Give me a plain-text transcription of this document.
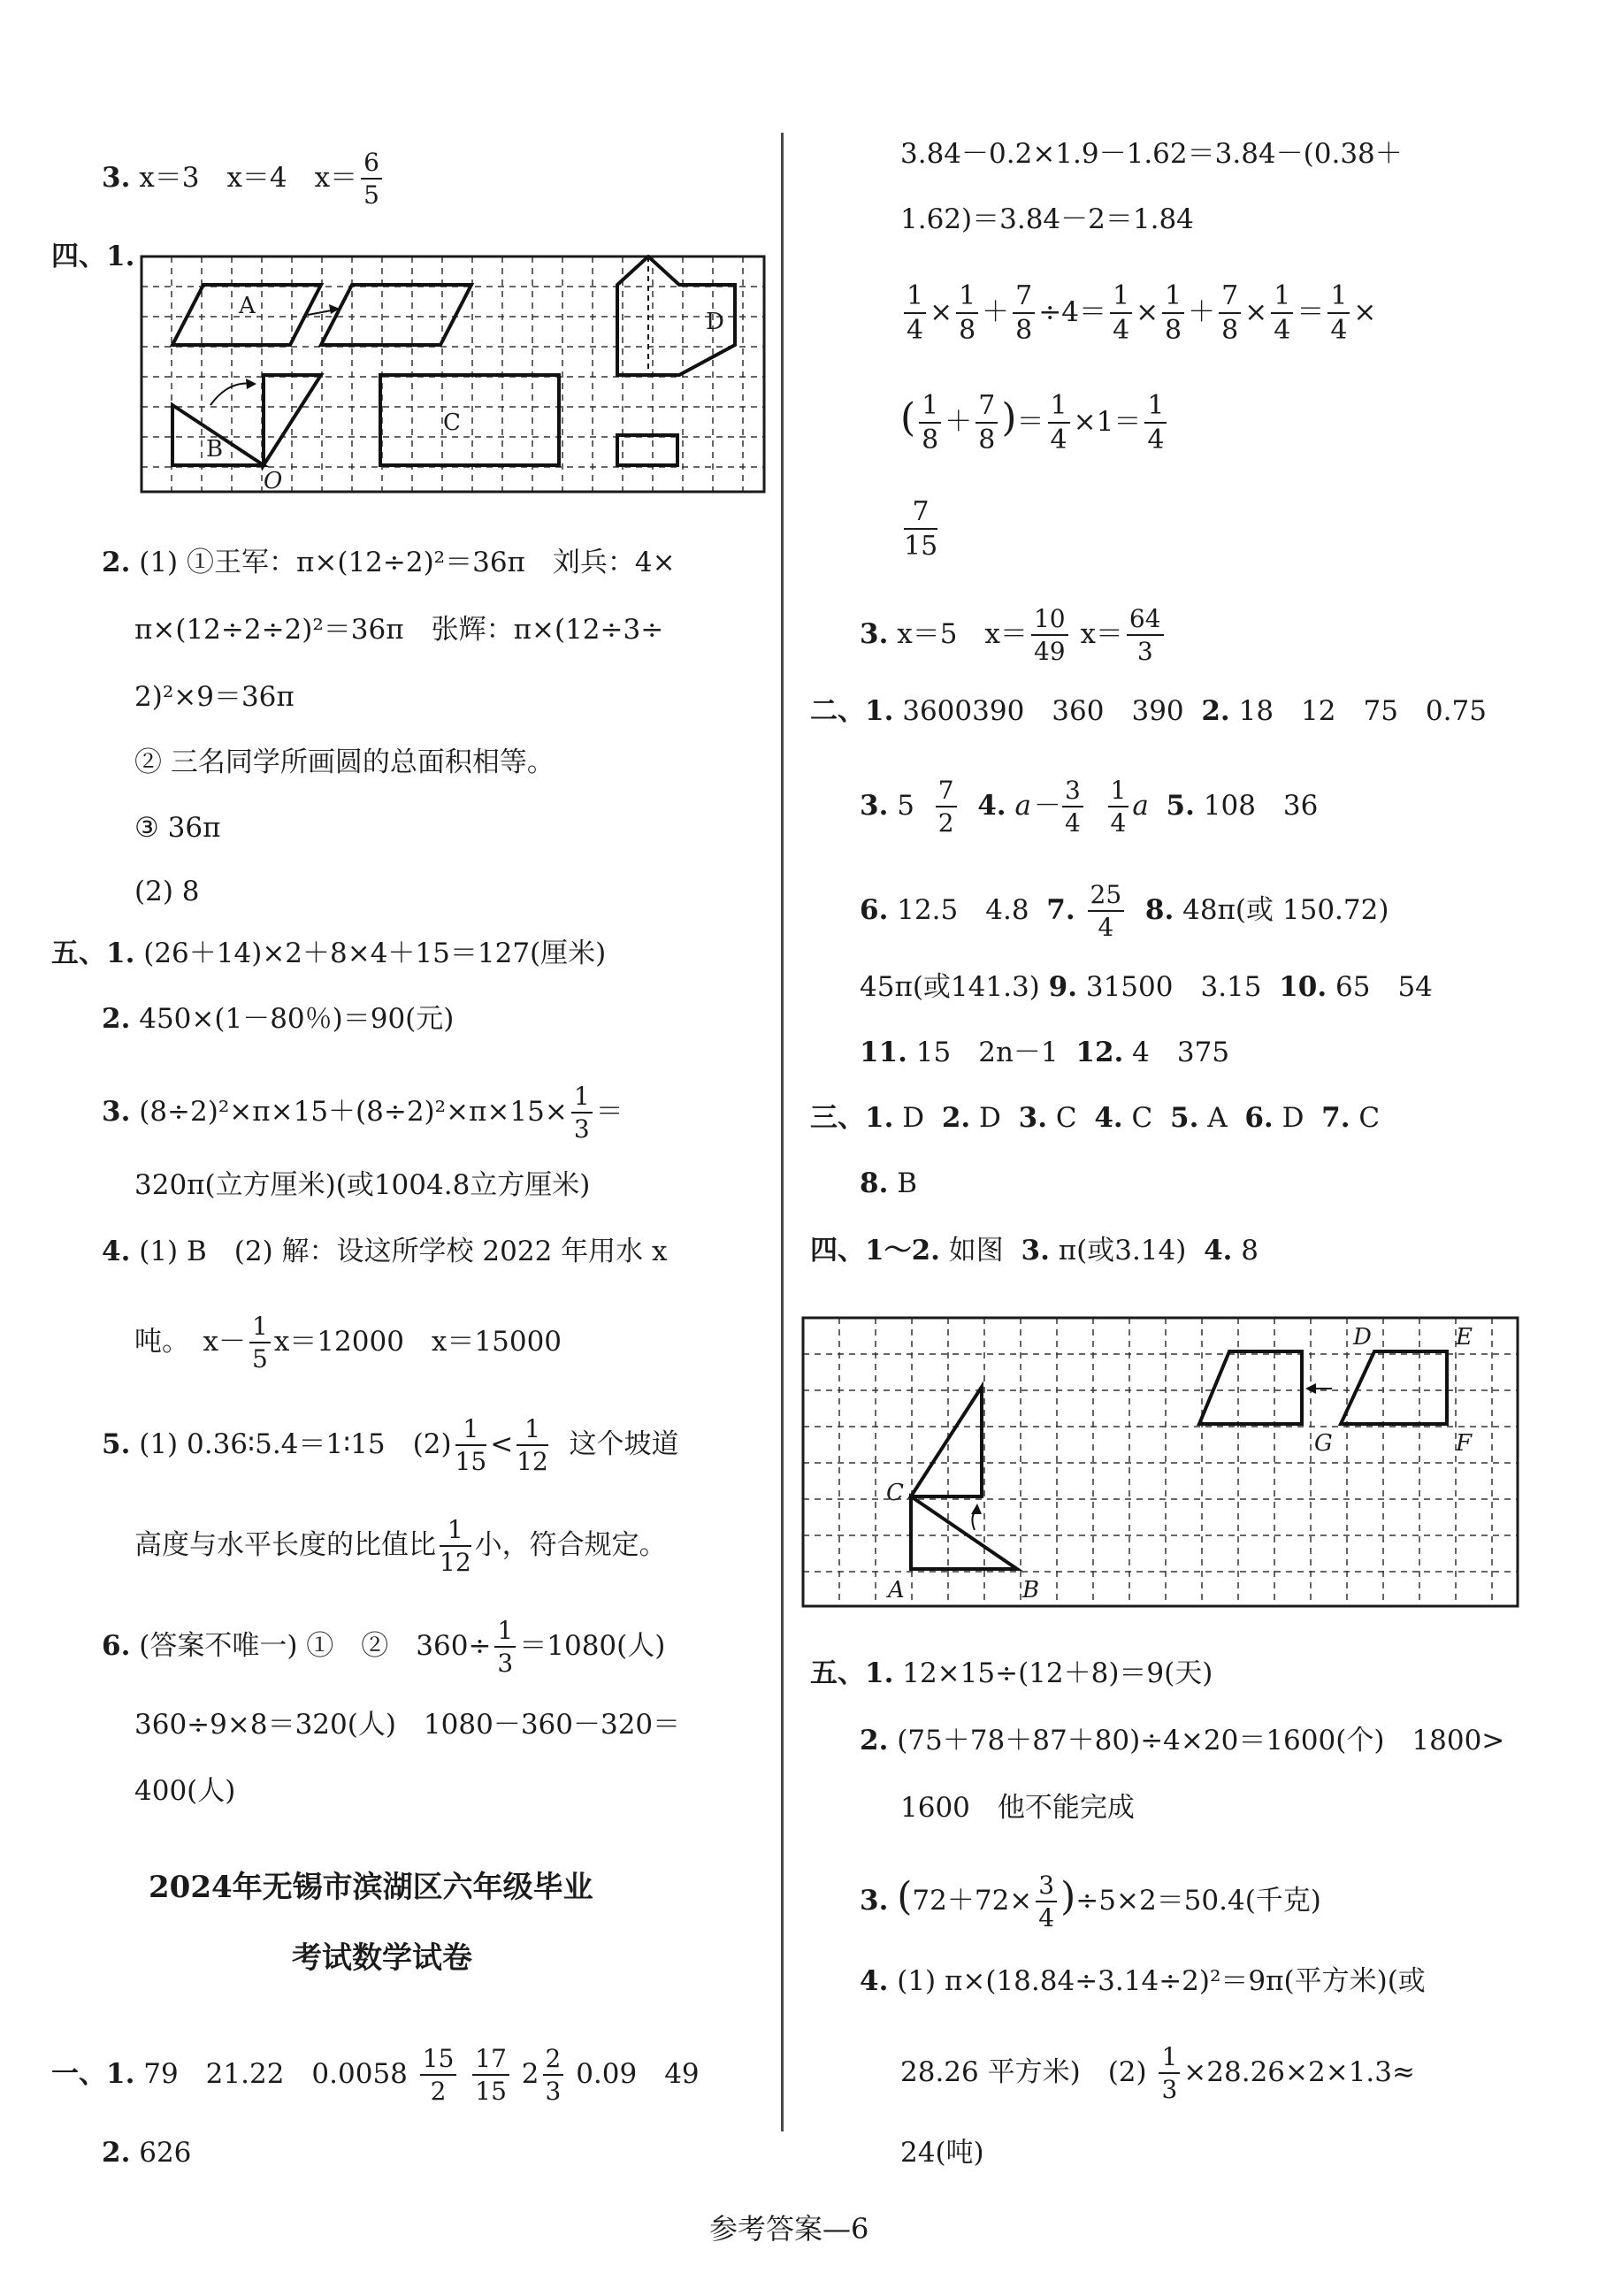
3. x＝3　x＝4　$x= \frac{6}{5}$
四、1.
A
B
C
D
O
2. (1) ①王军：π×(12÷2)²＝36π　刘兵：4×
π×(12÷2÷2)²＝36π　张辉：π×(12÷3÷
2)²×9＝36π
② 三名同学所画圆的总面积相等。
③ 36π
(2) 8
五、1. (26＋14)×2＋8×4＋15＝127(厘米)
2. 450×(1－80％)＝90(元)
3. $(8\div 2)^2\times\pi\times 15+(8\div 2)^2\times\pi\times 15\times \frac{1}{3}$ ＝
320π(立方厘米)(或1004.8立方厘米)
4. (1) B　(2) 解：设这所学校 2022 年用水 x
吨。　$x- \frac{1}{5} x=12000$　x＝15000
5. (1) 0.36∶5.4＝1∶15　$(2) \frac{1}{15} < \frac{1}{12}$ 这个坡道
高度与水平长度的比值比 $\frac{1}{12}$ 小，符合规定。
6. (答案不唯一) ①　②　$360\div \frac{1}{3} =1080$(人)
360÷9×8＝320(人)　1080－360－320＝
400(人)
2024年无锡市滨湖区六年级毕业
考试数学试卷
一、1. 79　21.22　$0.0058 \frac{15}{2}$
$\frac{17}{15} 2 \frac{2}{3} 0.09$　49
2. 626
3.84－0.2×1.9－1.62＝3.84－(0.38＋
1.62)＝3.84－2＝1.84
$\frac{1}{4} \times \frac{1}{8} + \frac{7}{8} \div 4= \frac{1}{4} \times \frac{1}{8} + \frac{7}{8} \times \frac{1}{4} = \frac{1}{4}$ ×
( $\frac{1}{8} + \frac{7}{8}$ )＝ $\frac{1}{4} \times 1= \frac{1}{4}$
$\frac{7}{15}$
3. x＝5　$x= \frac{10}{49} x= \frac{64}{3}$
二、1. 3600390　360　390 2. 18　12　75　0.75
3. $5 \frac{7}{2} 4$. $a- \frac{3}{4}$
$\frac{1}{4}$ a 5. 108　36
6. 12.5　4.8 7. $\frac{25}{4} 8$. 48π(或 150.72)
45π(或141.3) 9. 31500　3.15 10. 65　54
11. 15　2n－1 12. 4　375
三、1. D 2. D 3. C 4. C 5. A 6. D 7. C
8. B
四、1～2. 如图 3. π(或3.14) 4. 8
C
A	B
D	E
F
G
五、1. 12×15÷(12＋8)＝9(天)
2. (75＋78＋87＋80)÷4×20＝1600(个)　1800>
1600　他不能完成
3. $(72+72\times \frac{3}{4} )\div 5\times 2=50.4$(千克)
4. (1) π×(18.84÷3.14÷2)²＝9π(平方米)(或
28.26 平方米)　$(2) \frac{1}{3} \times 28.26\times 2\times 1.3\approx$
24(吨)
参考答案—6
